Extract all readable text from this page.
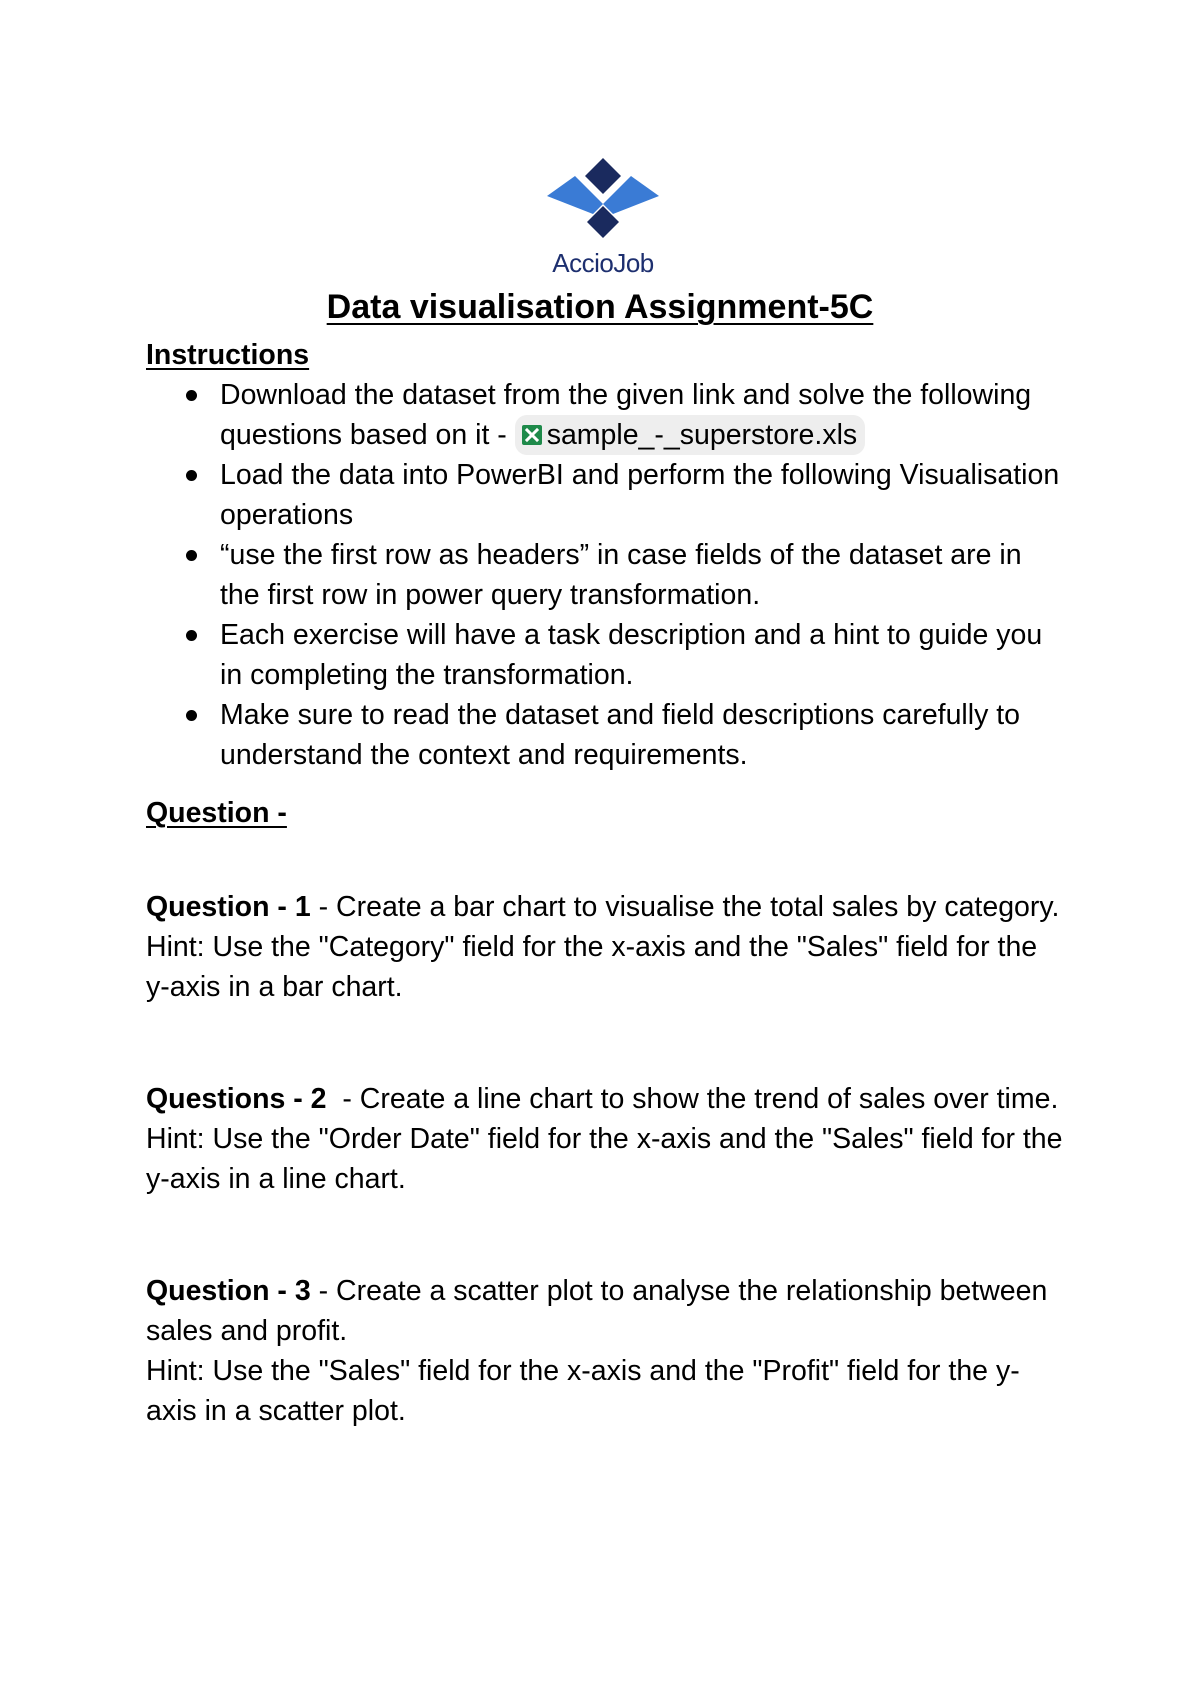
AccioJob
Data visualisation Assignment-5C
Instructions
Download the dataset from the given link and solve the following questions based on it - sample_-_superstore.xls
Load the data into PowerBI and perform the following Visualisation operations
“use the first row as headers” in case fields of the dataset are in the first row in power query transformation.
Each exercise will have a task description and a hint to guide you in completing the transformation.
Make sure to read the dataset and field descriptions carefully to understand the context and requirements.
Question -
Question - 1 - Create a bar chart to visualise the total sales by category.
Hint: Use the "Category" field for the x-axis and the "Sales" field for the y-axis in a bar chart.
Questions - 2  - Create a line chart to show the trend of sales over time.
Hint: Use the "Order Date" field for the x-axis and the "Sales" field for the y-axis in a line chart.
Question - 3 - Create a scatter plot to analyse the relationship between sales and profit.
Hint: Use the "Sales" field for the x-axis and the "Profit" field for the y-axis in a scatter plot.
